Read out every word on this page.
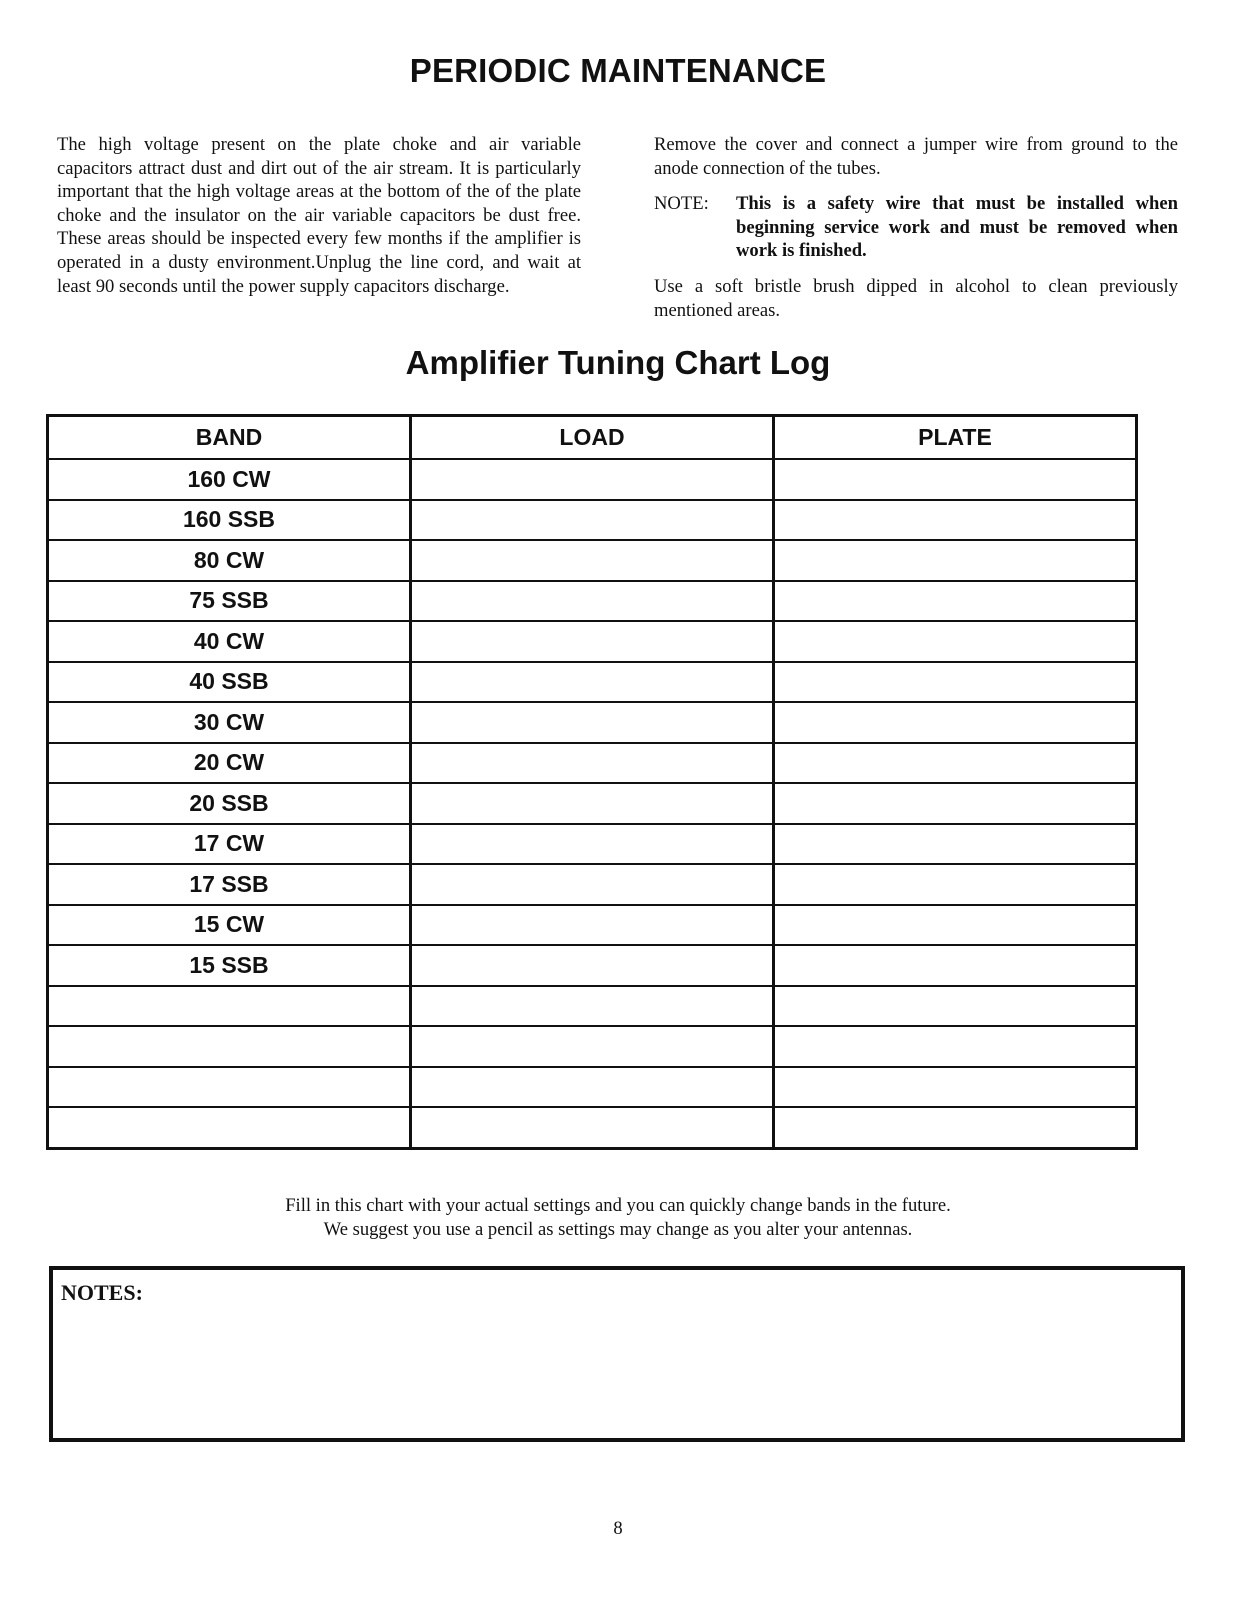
PERIODIC MAINTENANCE

The high voltage present on the plate choke and air variable capacitors attract dust and dirt out of the air stream. It is particularly important that the high voltage areas at the bottom of the of the plate choke and the insulator on the air variable capacitors be dust free. These areas should be inspected every few months if the amplifier is operated in a dusty environment.Unplug the line cord, and wait at least 90 seconds until the power supply capacitors discharge.

Remove the cover and connect a jumper wire from ground to the anode connection of the tubes.

NOTE:	This is a safety wire that must be installed when beginning service work and must be removed when work is finished.

Use a soft bristle brush dipped in alcohol to clean previously mentioned areas.

Amplifier Tuning Chart Log
BAND	LOAD	PLATE
160 CW		
160 SSB		
80 CW		
75 SSB		
40 CW		
40 SSB		
30 CW		
20 CW		
20 SSB		
17 CW		
17 SSB		
15 CW		
15 SSB		

Fill in this chart with your actual settings and you can quickly change bands in the future.
We suggest you use a pencil as settings may change as you alter your antennas.
NOTES:
8
